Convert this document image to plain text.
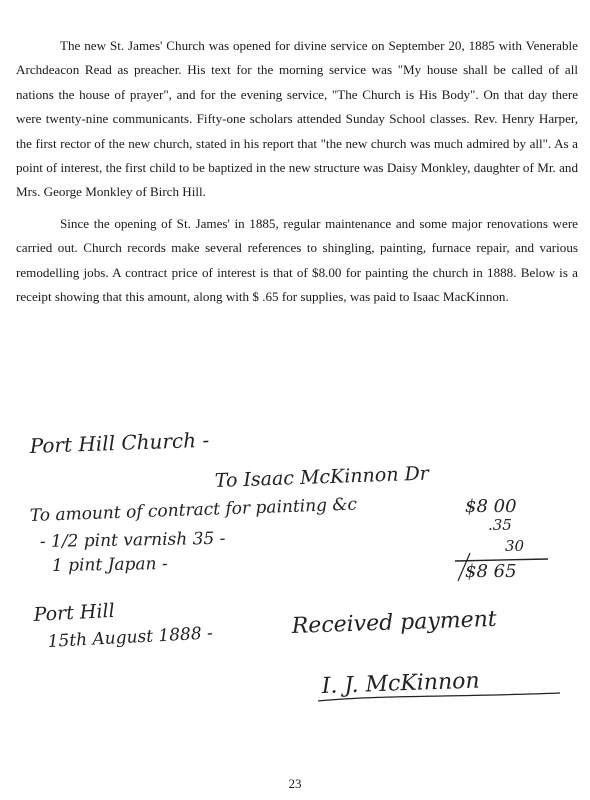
The new St. James' Church was opened for divine service on September 20, 1885 with Venerable Archdeacon Read as preacher. His text for the morning service was "My house shall be called of all nations the house of prayer", and for the evening service, "The Church is His Body". On that day there were twenty-nine communicants. Fifty-one scholars attended Sunday School classes. Rev. Henry Harper, the first rector of the new church, stated in his report that "the new church was much admired by all". As a point of interest, the first child to be baptized in the new structure was Daisy Monkley, daughter of Mr. and Mrs. George Monkley of Birch Hill.

Since the opening of St. James' in 1885, regular maintenance and some major renovations were carried out. Church records make several references to shingling, painting, furnace repair, and various remodelling jobs. A contract price of interest is that of $8.00 for painting the church in 1888. Below is a receipt showing that this amount, along with $ .65 for supplies, was paid to Isaac MacKinnon.

Port Hill Church -
To Isaac McKinnon Dr
To amount of contract for painting &c	$8 00
- 1/2 pint varnish 35 -
.35
1 pint Japan -
30
$8 65
Port Hill
15th August 1888 -	Received payment
I. J. McKinnon
23
